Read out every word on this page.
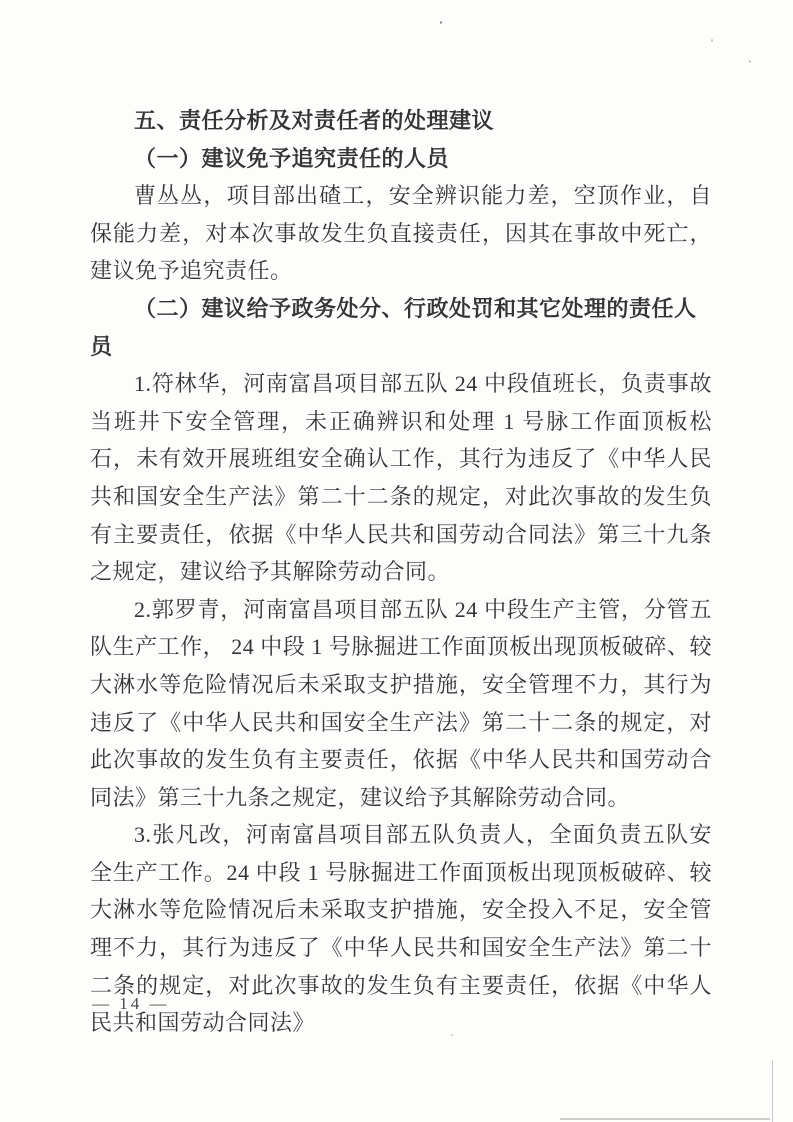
五、责任分析及对责任者的处理建议
（一）建议免予追究责任的人员

曹丛丛，项目部出碴工，安全辨识能力差，空顶作业，自保能力差，对本次事故发生负直接责任，因其在事故中死亡，建议免予追究责任。

（二）建议给予政务处分、行政处罚和其它处理的责任人员

1.符林华，河南富昌项目部五队 24 中段值班长，负责事故当班井下安全管理，未正确辨识和处理 1 号脉工作面顶板松石，未有效开展班组安全确认工作，其行为违反了《中华人民共和国安全生产法》第二十二条的规定，对此次事故的发生负有主要责任，依据《中华人民共和国劳动合同法》第三十九条之规定，建议给予其解除劳动合同。

2.郭罗青，河南富昌项目部五队 24 中段生产主管，分管五队生产工作， 24 中段 1 号脉掘进工作面顶板出现顶板破碎、较大淋水等危险情况后未采取支护措施，安全管理不力，其行为违反了《中华人民共和国安全生产法》第二十二条的规定，对此次事故的发生负有主要责任，依据《中华人民共和国劳动合同法》第三十九条之规定，建议给予其解除劳动合同。

3.张凡改，河南富昌项目部五队负责人，全面负责五队安全生产工作。24 中段 1 号脉掘进工作面顶板出现顶板破碎、较大淋水等危险情况后未采取支护措施，安全投入不足，安全管理不力，其行为违反了《中华人民共和国安全生产法》第二十二条的规定，对此次事故的发生负有主要责任，依据《中华人民共和国劳动合同法》

— 14 —
